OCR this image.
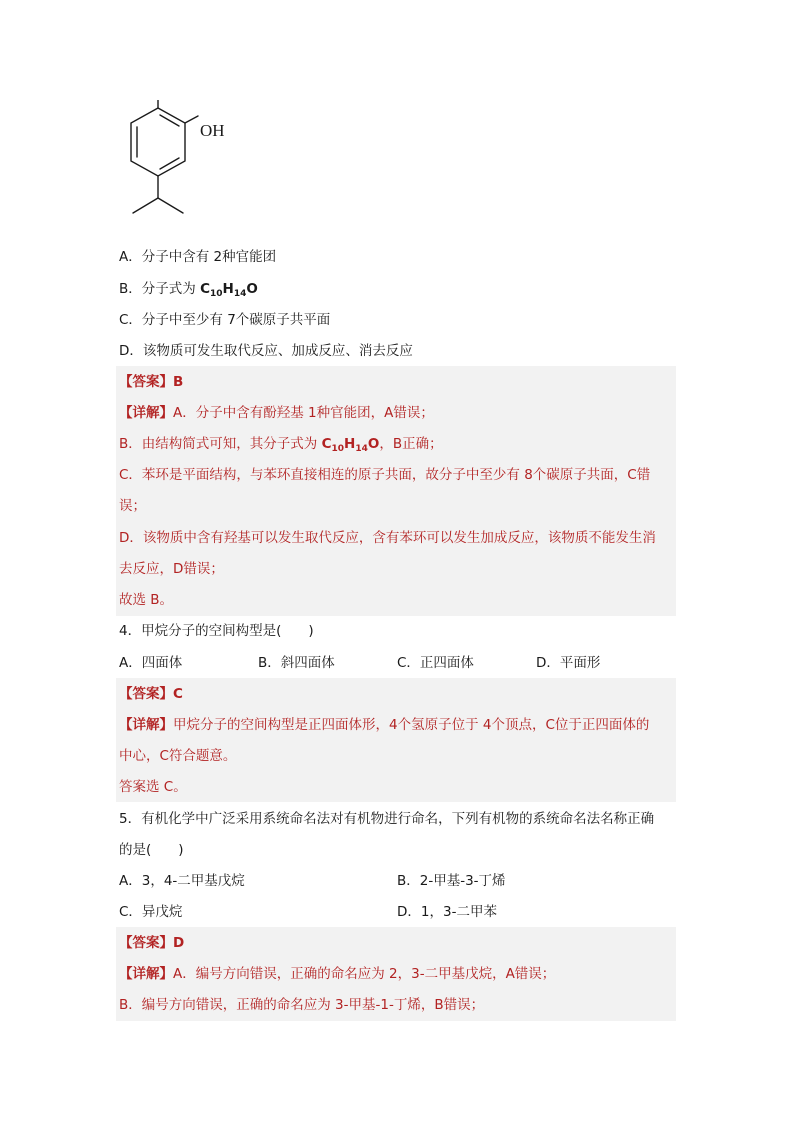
OH
A．分子中含有 2种官能团
B．分子式为 $C_{10}H_{14}O$
C．分子中至少有 7个碳原子共平面
D．该物质可发生取代反应、加成反应、消去反应
【答案】B
【详解】A．分子中含有酚羟基 1种官能团，A错误；
B．由结构简式可知，其分子式为 $C_{10}H_{14}O$，B正确；
C．苯环是平面结构，与苯环直接相连的原子共面，故分子中至少有 8个碳原子共面，C错
误；
D．该物质中含有羟基可以发生取代反应，含有苯环可以发生加成反应，该物质不能发生消
去反应，D错误；
故选 B。
4．甲烷分子的空间构型是(　　)
A．四面体	B．斜四面体	C．正四面体	D．平面形
【答案】C
【详解】甲烷分子的空间构型是正四面体形，4个氢原子位于 4个顶点，C位于正四面体的
中心，C符合题意。
答案选 C。
5．有机化学中广泛采用系统命名法对有机物进行命名，下列有机物的系统命名法名称正确
的是(　　)
A．3，4-二甲基戊烷	B．2-甲基-3-丁烯
C．异戊烷	D．1，3-二甲苯
【答案】D
【详解】A．编号方向错误，正确的命名应为 2，3-二甲基戊烷，A错误；
B．编号方向错误，正确的命名应为 3-甲基-1-丁烯，B错误；
